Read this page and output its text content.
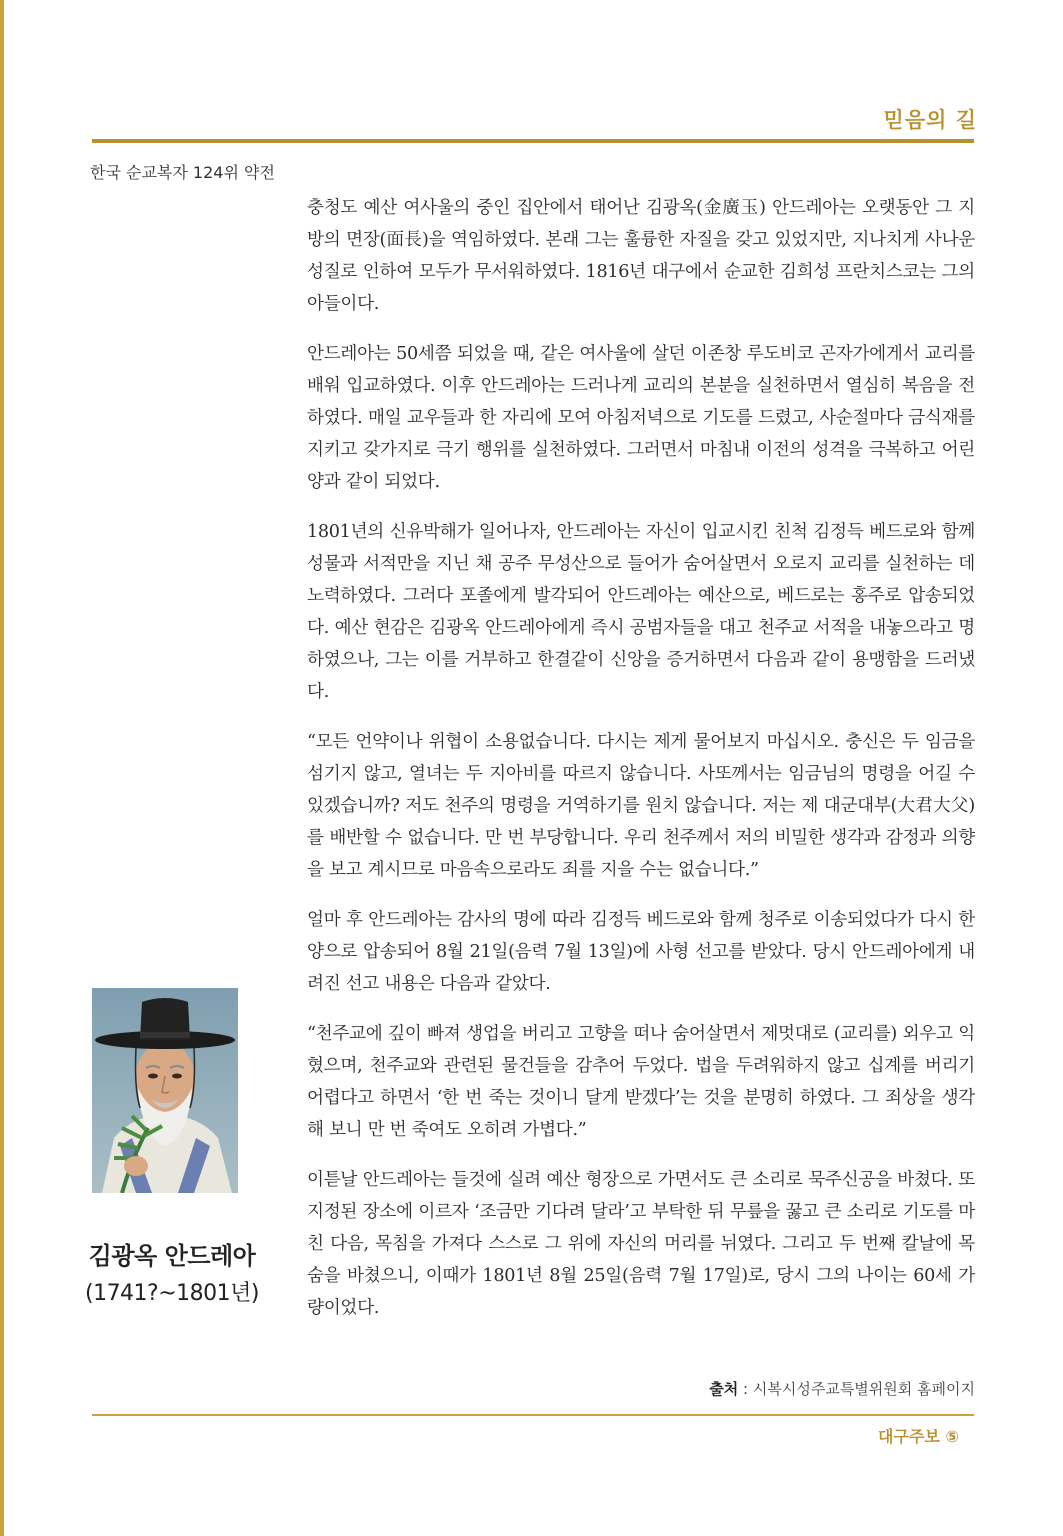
믿음의 길
한국 순교복자 124위 약전

충청도 예산 여사울의 중인 집안에서 태어난 김광옥(金廣玉) 안드레아는 오랫동안 그 지방의 면장(面長)을 역임하였다. 본래 그는 훌륭한 자질을 갖고 있었지만, 지나치게 사나운 성질로 인하여 모두가 무서워하였다. 1816년 대구에서 순교한 김희성 프란치스코는 그의 아들이다.

안드레아는 50세쯤 되었을 때, 같은 여사울에 살던 이존창 루도비코 곤자가에게서 교리를 배워 입교하였다. 이후 안드레아는 드러나게 교리의 본분을 실천하면서 열심히 복음을 전하였다. 매일 교우들과 한 자리에 모여 아침저녁으로 기도를 드렸고, 사순절마다 금식재를 지키고 갖가지로 극기 행위를 실천하였다. 그러면서 마침내 이전의 성격을 극복하고 어린양과 같이 되었다.

1801년의 신유박해가 일어나자, 안드레아는 자신이 입교시킨 친척 김정득 베드로와 함께 성물과 서적만을 지닌 채 공주 무성산으로 들어가 숨어살면서 오로지 교리를 실천하는 데 노력하였다. 그러다 포졸에게 발각되어 안드레아는 예산으로, 베드로는 홍주로 압송되었다. 예산 현감은 김광옥 안드레아에게 즉시 공범자들을 대고 천주교 서적을 내놓으라고 명하였으나, 그는 이를 거부하고 한결같이 신앙을 증거하면서 다음과 같이 용맹함을 드러냈다.

“모든 언약이나 위협이 소용없습니다. 다시는 제게 물어보지 마십시오. 충신은 두 임금을 섬기지 않고, 열녀는 두 지아비를 따르지 않습니다. 사또께서는 임금님의 명령을 어길 수 있겠습니까? 저도 천주의 명령을 거역하기를 원치 않습니다. 저는 제 대군대부(大君大父)를 배반할 수 없습니다. 만 번 부당합니다. 우리 천주께서 저의 비밀한 생각과 감정과 의향을 보고 계시므로 마음속으로라도 죄를 지을 수는 없습니다.”

얼마 후 안드레아는 감사의 명에 따라 김정득 베드로와 함께 청주로 이송되었다가 다시 한양으로 압송되어 8월 21일(음력 7월 13일)에 사형 선고를 받았다. 당시 안드레아에게 내려진 선고 내용은 다음과 같았다.

“천주교에 깊이 빠져 생업을 버리고 고향을 떠나 숨어살면서 제멋대로 (교리를) 외우고 익혔으며, 천주교와 관련된 물건들을 감추어 두었다. 법을 두려워하지 않고 십계를 버리기 어렵다고 하면서 ‘한 번 죽는 것이니 달게 받겠다’는 것을 분명히 하였다. 그 죄상을 생각해 보니 만 번 죽여도 오히려 가볍다.”

이튿날 안드레아는 들것에 실려 예산 형장으로 가면서도 큰 소리로 묵주신공을 바쳤다. 또 지정된 장소에 이르자 ‘조금만 기다려 달라’고 부탁한 뒤 무릎을 꿇고 큰 소리로 기도를 마친 다음, 목침을 가져다 스스로 그 위에 자신의 머리를 뉘였다. 그리고 두 번째 칼날에 목숨을 바쳤으니, 이때가 1801년 8월 25일(음력 7월 17일)로, 당시 그의 나이는 60세 가량이었다.

김광옥 안드레아
(1741?~1801년)
출처 : 시복시성주교특별위원회 홈페이지
대구주보 ⑤
